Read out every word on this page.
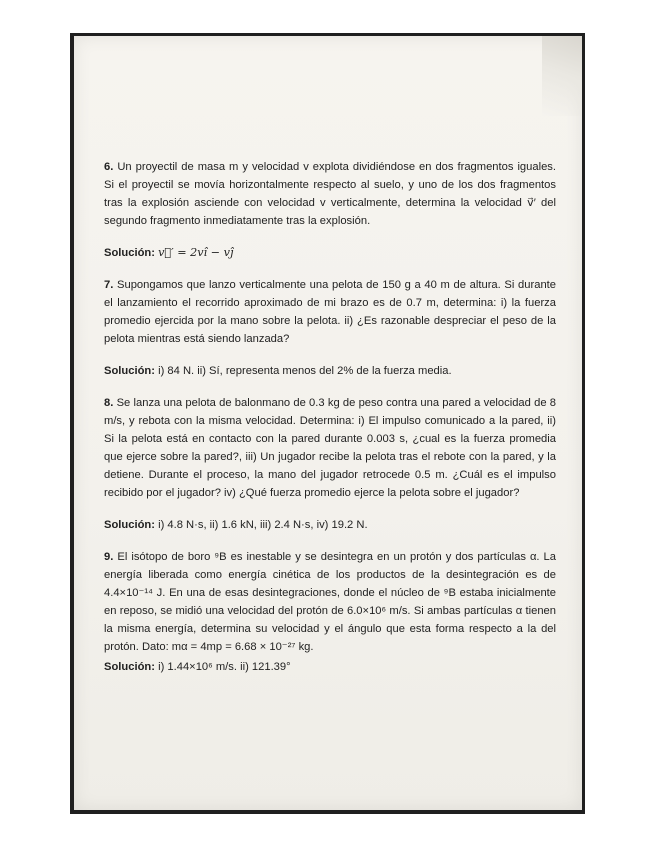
6. Un proyectil de masa m y velocidad v explota dividiéndose en dos fragmentos iguales. Si el proyectil se movía horizontalmente respecto al suelo, y uno de los dos fragmentos tras la explosión asciende con velocidad v verticalmente, determina la velocidad v⃗′ del segundo fragmento inmediatamente tras la explosión.

Solución: v⃗′ = 2vî − vĵ

7. Supongamos que lanzo verticalmente una pelota de 150 g a 40 m de altura. Si durante el lanzamiento el recorrido aproximado de mi brazo es de 0.7 m, determina: i) la fuerza promedio ejercida por la mano sobre la pelota. ii) ¿Es razonable despreciar el peso de la pelota mientras está siendo lanzada?

Solución: i) 84 N. ii) Sí, representa menos del 2% de la fuerza media.

8. Se lanza una pelota de balonmano de 0.3 kg de peso contra una pared a velocidad de 8 m/s, y rebota con la misma velocidad. Determina: i) El impulso comunicado a la pared, ii) Si la pelota está en contacto con la pared durante 0.003 s, ¿cual es la fuerza promedia que ejerce sobre la pared?, iii) Un jugador recibe la pelota tras el rebote con la pared, y la detiene. Durante el proceso, la mano del jugador retrocede 0.5 m. ¿Cuál es el impulso recibido por el jugador? iv) ¿Qué fuerza promedio ejerce la pelota sobre el jugador?

Solución: i) 4.8 N·s, ii) 1.6 kN, iii) 2.4 N·s, iv) 19.2 N.

9. El isótopo de boro ⁹B es inestable y se desintegra en un protón y dos partículas α. La energía liberada como energía cinética de los productos de la desintegración es de 4.4×10⁻¹⁴ J. En una de esas desintegraciones, donde el núcleo de ⁹B estaba inicialmente en reposo, se midió una velocidad del protón de 6.0×10⁶ m/s. Si ambas partículas α tienen la misma energía, determina su velocidad y el ángulo que esta forma respecto a la del protón. Dato: mα = 4mp = 6.68 × 10⁻²⁷ kg.

Solución: i) 1.44×10⁶ m/s. ii) 121.39°
